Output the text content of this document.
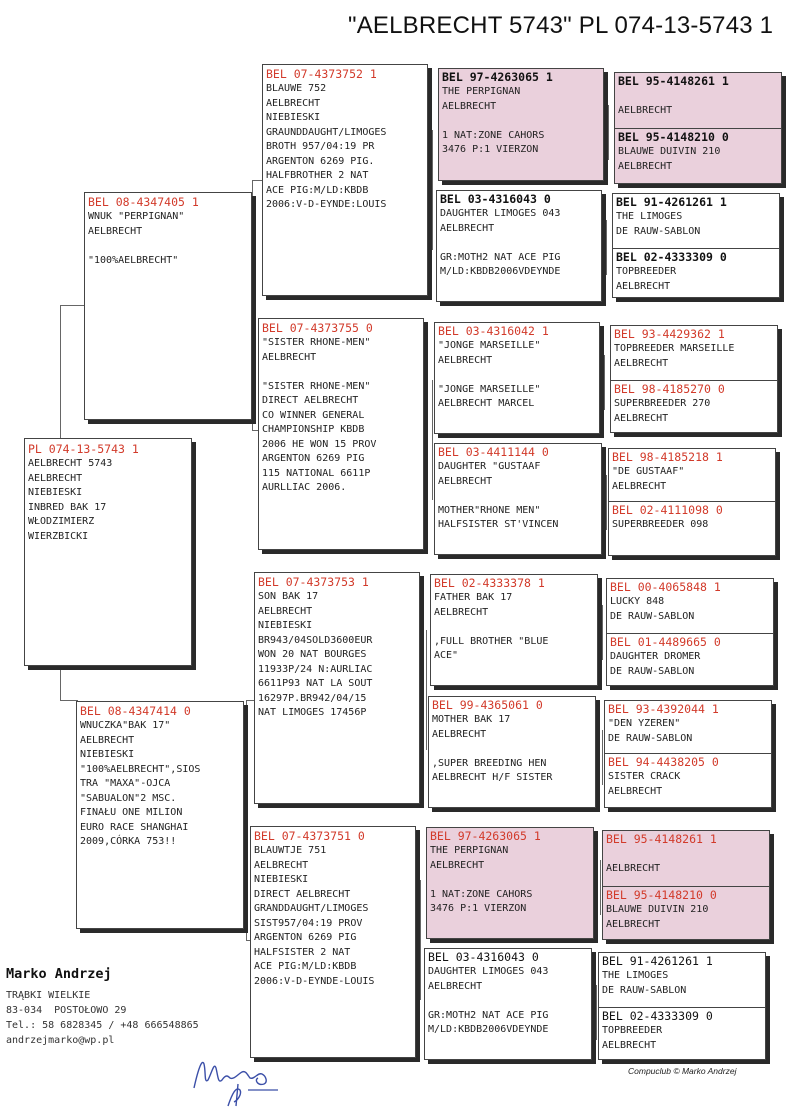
"AELBRECHT 5743" PL 074-13-5743 1
PL 074-13-5743 1
AELBRECHT 5743
AELBRECHT
NIEBIESKI
INBRED BAK 17
WŁODZIMIERZ
WIERZBICKI
BEL 08-4347405 1
WNUK "PERPIGNAN"
AELBRECHT

"100%AELBRECHT"
BEL 08-4347414 0
WNUCZKA"BAK 17"
AELBRECHT
NIEBIESKI
"100%AELBRECHT",SIOS
TRA "MAXA"-OJCA
"SABUALON"2 MSC.
FINAŁU ONE MILION
EURO RACE SHANGHAI
2009,CÓRKA 753!!
BEL 07-4373752 1
BLAUWE 752
AELBRECHT
NIEBIESKI
GRAUNDDAUGHT/LIMOGES
BROTH 957/04:19 PR
ARGENTON 6269 PIG.
HALFBROTHER 2 NAT
ACE PIG:M/LD:KBDB
2006:V-D-EYNDE:LOUIS
BEL 07-4373755 0
"SISTER RHONE-MEN"
AELBRECHT

"SISTER RHONE-MEN"
DIRECT AELBRECHT
CO WINNER GENERAL
CHAMPIONSHIP KBDB
2006 HE WON 15 PROV
ARGENTON 6269 PIG
115 NATIONAL 6611P
AURLLIAC 2006.
BEL 07-4373753 1
SON BAK 17
AELBRECHT
NIEBIESKI
BR943/04SOLD3600EUR
WON 20 NAT BOURGES
11933P/24 N:AURLIAC
6611P93 NAT LA SOUT
16297P.BR942/04/15
NAT LIMOGES 17456P
BEL 07-4373751 0
BLAUWTJE 751
AELBRECHT
NIEBIESKI
DIRECT AELBRECHT
GRANDDAUGHT/LIMOGES
SIST957/04:19 PROV
ARGENTON 6269 PIG
HALFSISTER 2 NAT
ACE PIG:M/LD:KBDB
2006:V-D-EYNDE-LOUIS
BEL 97-4263065 1
THE PERPIGNAN
AELBRECHT

1 NAT:ZONE CAHORS
3476 P:1 VIERZON
BEL 03-4316043 0
DAUGHTER LIMOGES 043
AELBRECHT

GR:MOTH2 NAT ACE PIG
M/LD:KBDB2006VDEYNDE
BEL 03-4316042 1
"JONGE MARSEILLE"
AELBRECHT

"JONGE MARSEILLE"
AELBRECHT MARCEL
BEL 03-4411144 0
DAUGHTER "GUSTAAF
AELBRECHT

MOTHER"RHONE MEN"
HALFSISTER ST'VINCEN
BEL 02-4333378 1
FATHER BAK 17
AELBRECHT

,FULL BROTHER "BLUE
ACE"
BEL 99-4365061 0
MOTHER BAK 17
AELBRECHT

,SUPER BREEDING HEN
AELBRECHT H/F SISTER
BEL 97-4263065 1
THE PERPIGNAN
AELBRECHT

1 NAT:ZONE CAHORS
3476 P:1 VIERZON
BEL 03-4316043 0
DAUGHTER LIMOGES 043
AELBRECHT

GR:MOTH2 NAT ACE PIG
M/LD:KBDB2006VDEYNDE
BEL 95-4148261 1

AELBRECHT
BEL 95-4148210 0
BLAUWE DUIVIN 210
AELBRECHT
BEL 91-4261261 1
THE LIMOGES
DE RAUW-SABLON
BEL 02-4333309 0
TOPBREEDER
AELBRECHT
BEL 93-4429362 1
TOPBREEDER MARSEILLE
AELBRECHT
BEL 98-4185270 0
SUPERBREEDER 270
AELBRECHT
BEL 98-4185218 1
"DE GUSTAAF"
AELBRECHT
BEL 02-4111098 0
SUPERBREEDER 098
BEL 00-4065848 1
LUCKY 848
DE RAUW-SABLON
BEL 01-4489665 0
DAUGHTER DROMER
DE RAUW-SABLON
BEL 93-4392044 1
"DEN YZEREN"
DE RAUW-SABLON
BEL 94-4438205 0
SISTER CRACK
AELBRECHT
BEL 95-4148261 1

AELBRECHT
BEL 95-4148210 0
BLAUWE DUIVIN 210
AELBRECHT
BEL 91-4261261 1
THE LIMOGES
DE RAUW-SABLON
BEL 02-4333309 0
TOPBREEDER
AELBRECHT
Marko Andrzej
TRĄBKI WIELKIE
83-034  POSTOŁOWO 29
Tel.: 58 6828345 / +48 666548865
andrzejmarko@wp.pl
Compuclub © Marko Andrzej
